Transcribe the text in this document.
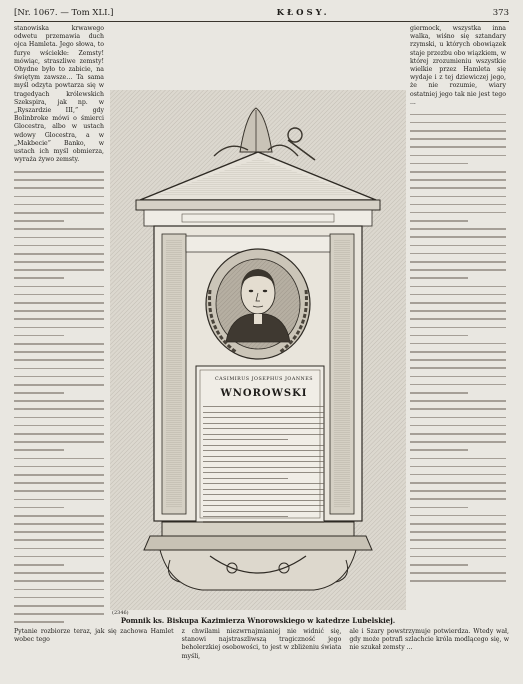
[Nr. 1067. — Tom XLI.]	KŁOSY.	373
stanowiska krwawego odwetu przemawia duch ojca Hamleta. Jego słowa, to furye wściekłe: Zemsty! mówiąc, straszliwe zemsty! Ohydne było to zabicie, na świętym zawsze… Ta sama myśl odzyta powtarza się w tragedyach królewskich Szekspira, jak np. w „Ryszardzie III,” gdy Bolinbroke mówi o śmierci Glocestra, albo w ustach wdowy Glocestra, a w „Makbecie” Banko, w ustach ich myśl obmierza, wyraża żywo zemsty.
giermock, wszystka inna walka, wiśno się sztandary rzymski, u których obowiązek staje przezbu obo wiązkiem, w której zrozumieniu wszystkie wielkie przez Hamleta się wydaje i z tej dziewiczej jego, że nie rozumie, wiary ostatniej jego tak nie jest tego ...
CASIMIRUS JOSEPHUS JOANNES
WNOROWSKI
(2346)
Pomnik ks. Biskupa Kazimierza Wnorowskiego w katedrze Lubelskiej.
Pytanie rozbiorze teraz, jak się zachowa Hamlet wobec tego
z chwilami niezwrnajmianiej nie widnić się, stanowi najstraszliwszą tragiczność jego beholerzkiej osobowości, to jest w zbliżeniu świata myśli,
ale i Szary powstrzymuje potwierdza. Wtedy wał, gdy może potrafi szlachcie króla modlącego się, w nie szukał zemsty ...
